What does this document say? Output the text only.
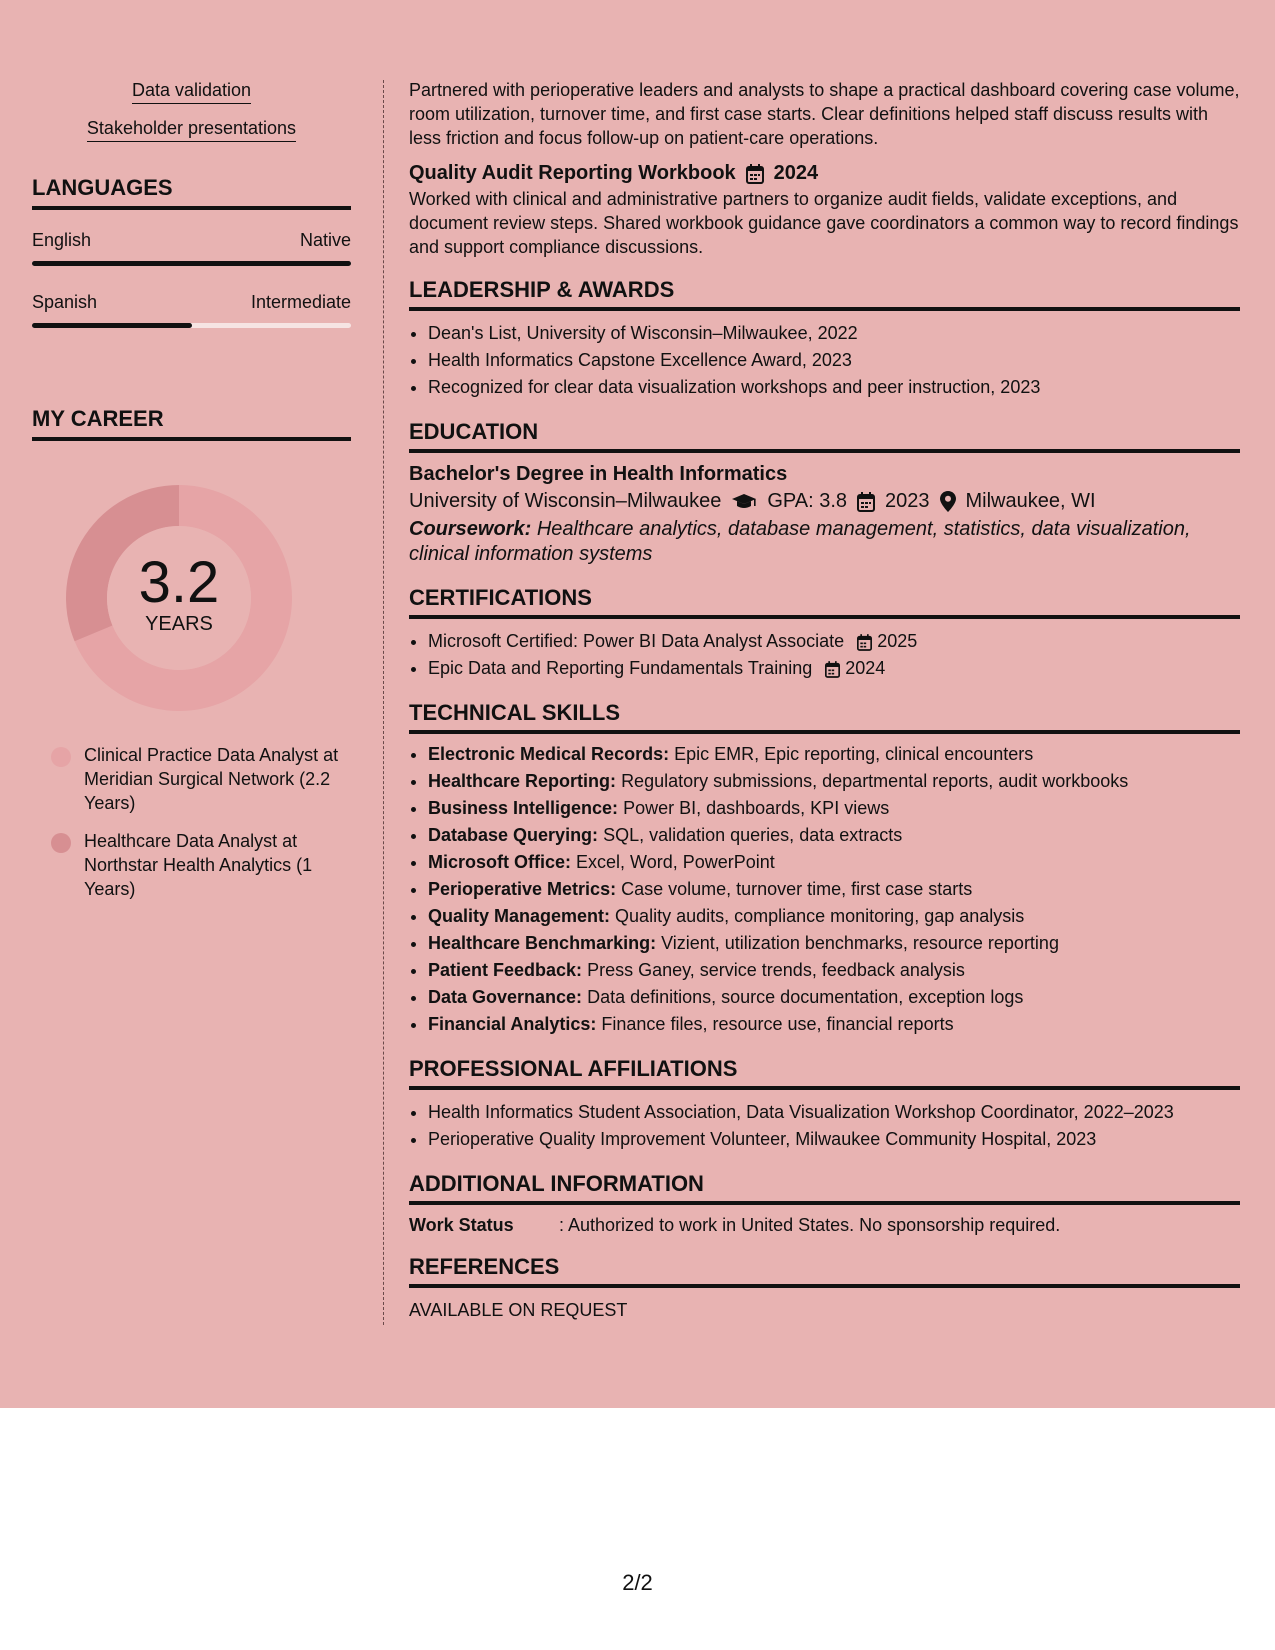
Data validation
Stakeholder presentations
LANGUAGES
English	Native
Spanish	Intermediate
MY CAREER
3.2
YEARS
Clinical Practice Data Analyst at Meridian Surgical Network (2.2 Years)
Healthcare Data Analyst at Northstar Health Analytics (1 Years)

Partnered with perioperative leaders and analysts to shape a practical dashboard covering case volume, room utilization, turnover time, and first case starts. Clear definitions helped staff discuss results with less friction and focus follow-up on patient-care operations.

Quality Audit Reporting Workbook 2024

Worked with clinical and administrative partners to organize audit fields, validate exceptions, and document review steps. Shared workbook guidance gave coordinators a common way to record findings and support compliance discussions.

LEADERSHIP & AWARDS
• Dean's List, University of Wisconsin–Milwaukee, 2022
• Health Informatics Capstone Excellence Award, 2023
• Recognized for clear data visualization workshops and peer instruction, 2023
EDUCATION
Bachelor's Degree in Health Informatics
University of Wisconsin–Milwaukee GPA: 3.8 2023 Milwaukee, WI
Coursework: Healthcare analytics, database management, statistics, data visualization, clinical information systems
CERTIFICATIONS
• Microsoft Certified: Power BI Data Analyst Associate 2025
• Epic Data and Reporting Fundamentals Training 2024
TECHNICAL SKILLS
• Electronic Medical Records: Epic EMR, Epic reporting, clinical encounters
• Healthcare Reporting: Regulatory submissions, departmental reports, audit workbooks
• Business Intelligence: Power BI, dashboards, KPI views
• Database Querying: SQL, validation queries, data extracts
• Microsoft Office: Excel, Word, PowerPoint
• Perioperative Metrics: Case volume, turnover time, first case starts
• Quality Management: Quality audits, compliance monitoring, gap analysis
• Healthcare Benchmarking: Vizient, utilization benchmarks, resource reporting
• Patient Feedback: Press Ganey, service trends, feedback analysis
• Data Governance: Data definitions, source documentation, exception logs
• Financial Analytics: Finance files, resource use, financial reports
PROFESSIONAL AFFILIATIONS
• Health Informatics Student Association, Data Visualization Workshop Coordinator, 2022–2023
• Perioperative Quality Improvement Volunteer, Milwaukee Community Hospital, 2023
ADDITIONAL INFORMATION
Work Status	: Authorized to work in United States. No sponsorship required.
REFERENCES
AVAILABLE ON REQUEST
2/2
